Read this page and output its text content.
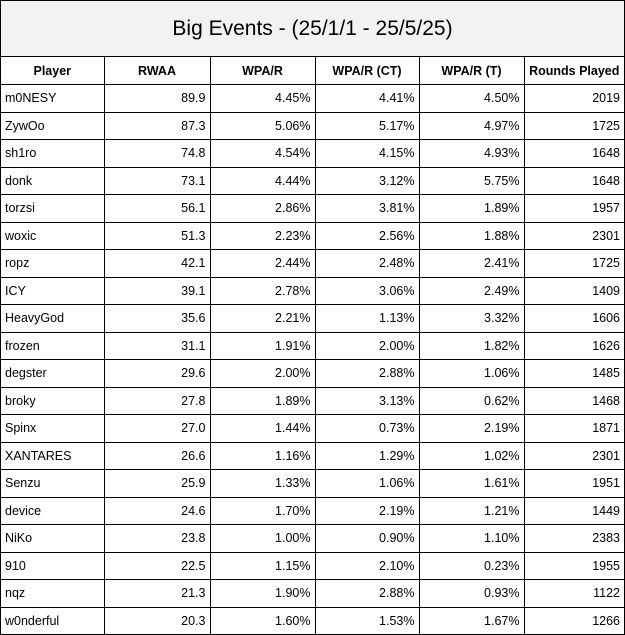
Big Events - (25/1/1 - 25/5/25)
Player	RWAA	WPA/R	WPA/R (CT)	WPA/R (T)	Rounds Played
m0NESY	89.9	4.45%	4.41%	4.50%	2019
ZywOo	87.3	5.06%	5.17%	4.97%	1725
sh1ro	74.8	4.54%	4.15%	4.93%	1648
donk	73.1	4.44%	3.12%	5.75%	1648
torzsi	56.1	2.86%	3.81%	1.89%	1957
woxic	51.3	2.23%	2.56%	1.88%	2301
ropz	42.1	2.44%	2.48%	2.41%	1725
ICY	39.1	2.78%	3.06%	2.49%	1409
HeavyGod	35.6	2.21%	1.13%	3.32%	1606
frozen	31.1	1.91%	2.00%	1.82%	1626
degster	29.6	2.00%	2.88%	1.06%	1485
broky	27.8	1.89%	3.13%	0.62%	1468
Spinx	27.0	1.44%	0.73%	2.19%	1871
XANTARES	26.6	1.16%	1.29%	1.02%	2301
Senzu	25.9	1.33%	1.06%	1.61%	1951
device	24.6	1.70%	2.19%	1.21%	1449
NiKo	23.8	1.00%	0.90%	1.10%	2383
910	22.5	1.15%	2.10%	0.23%	1955
nqz	21.3	1.90%	2.88%	0.93%	1122
w0nderful	20.3	1.60%	1.53%	1.67%	1266
